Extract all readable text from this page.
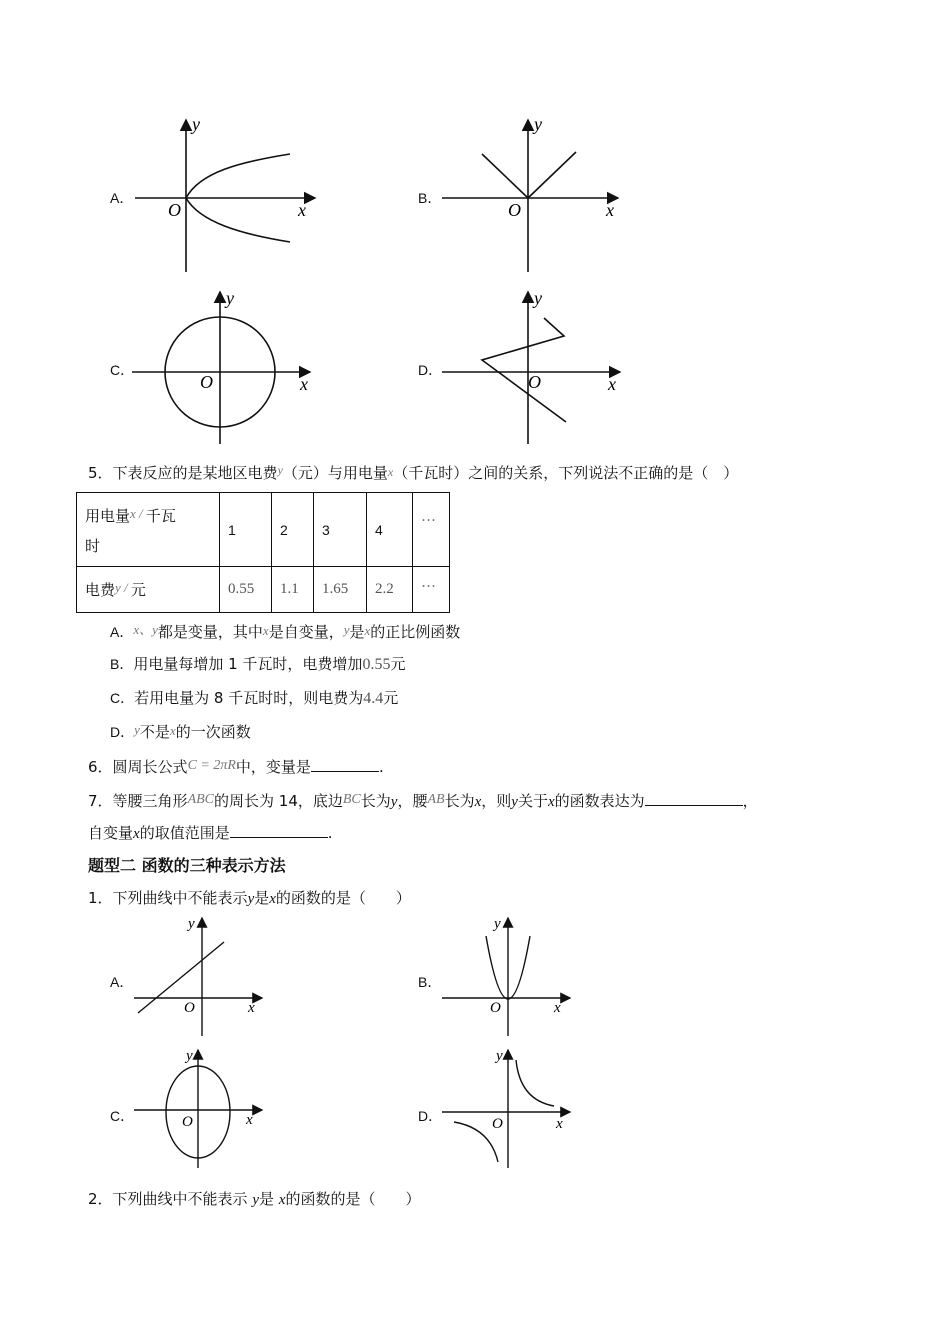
A．
y
x
O
B．
y
x
O
C．
y
x
O
D．
y
x
O
5．下表反应的是某地区电费$^y$（元）与用电量x（千瓦时）之间的关系，下列说法不正确的是（　）
用电量x / 千瓦
时	1	2	3	4	…
电费y / 元	0.55	1.1	1.65	2.2	…
A．x、y都是变量，其中x是自变量，y是x的正比例函数
B．用电量每增加 1 千瓦时，电费增加0.55元
C．若用电量为 8 千瓦时时，则电费为4.4元
D．y不是x的一次函数
6．圆周长公式C = 2πR中，变量是	.
7．等腰三角形ABC的周长为 14，底边BC长为y，腰AB长为x，则y关于x的函数表达为	，
自变量x的取值范围是	.
题型二 函数的三种表示方法
1．下列曲线中不能表示y是x的函数的是（　　）
A．
y
x
O
B．
y
x
O
C．
y
x
O	D．
y
x
O
2．下列曲线中不能表示 y是 x的函数的是（　　）
